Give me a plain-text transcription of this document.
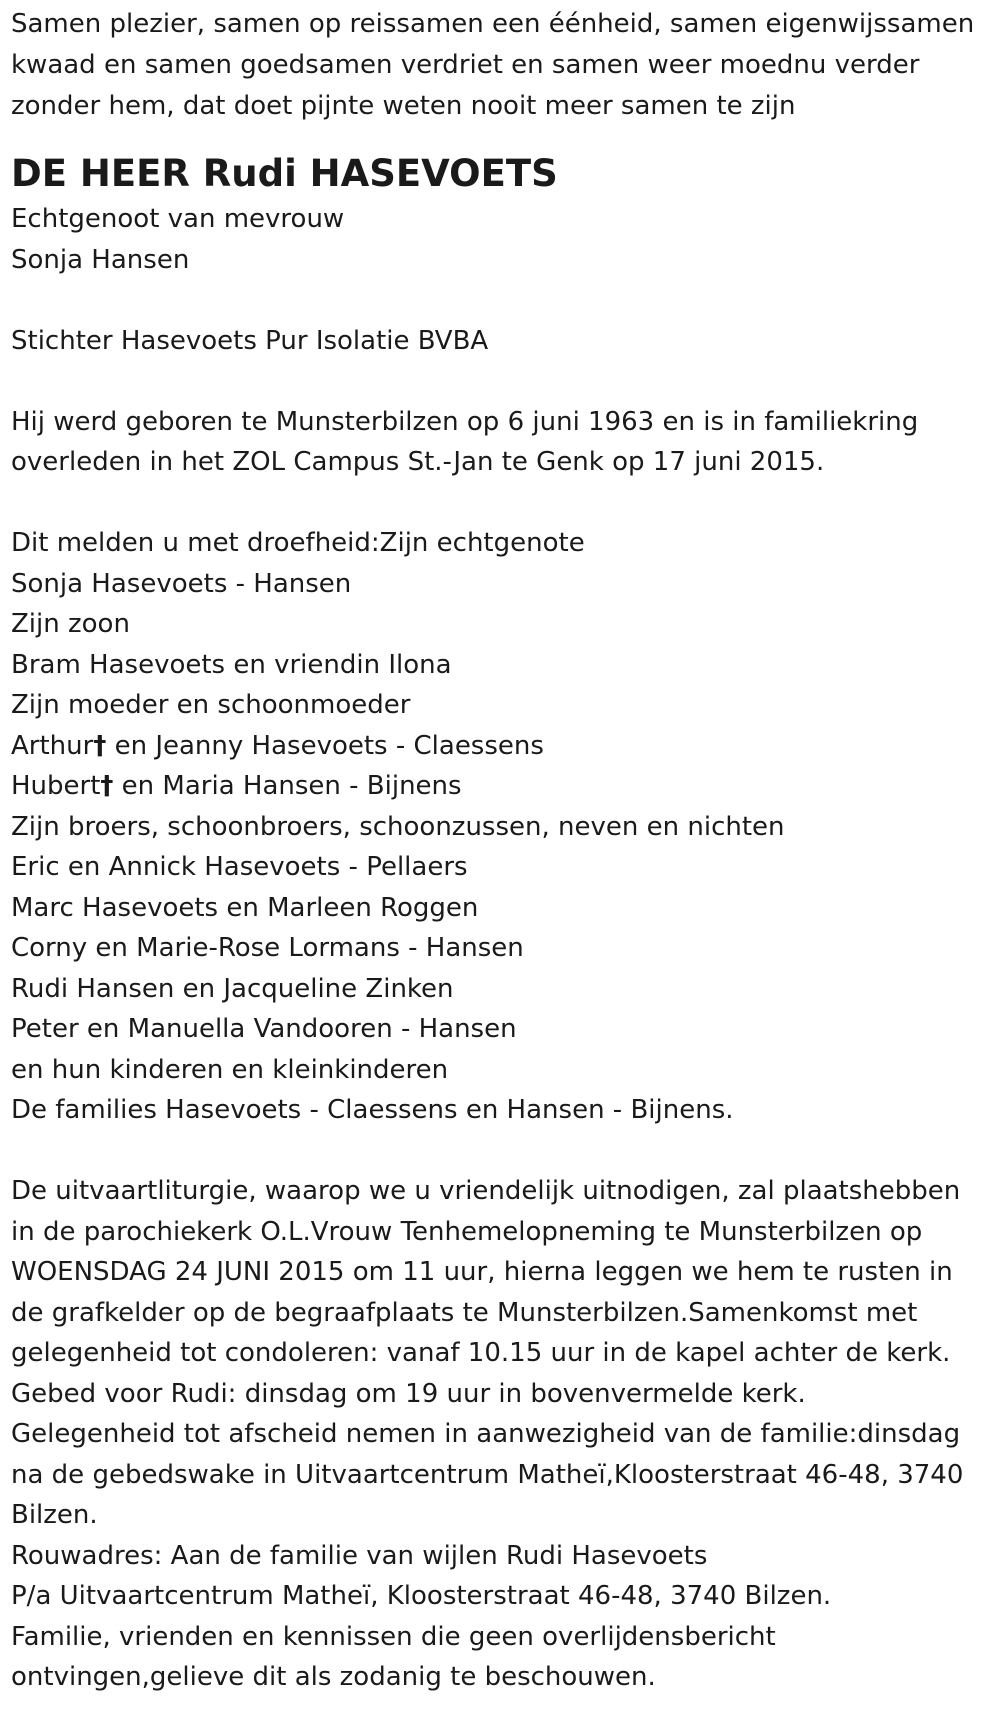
Samen plezier, samen op reissamen een éénheid, samen eigenwijssamen
kwaad en samen goedsamen verdriet en samen weer moednu verder
zonder hem, dat doet pijnte weten nooit meer samen te zijn
DE HEER Rudi HASEVOETS
Echtgenoot van mevrouw
Sonja Hansen
Stichter Hasevoets Pur Isolatie BVBA
Hij werd geboren te Munsterbilzen op 6 juni 1963 en is in familiekring
overleden in het ZOL Campus St.-Jan te Genk op 17 juni 2015.
Dit melden u met droefheid:Zijn echtgenote
Sonja Hasevoets - Hansen
Zijn zoon
Bram Hasevoets en vriendin Ilona
Zijn moeder en schoonmoeder
Arthur† en Jeanny Hasevoets - Claessens
Hubert† en Maria Hansen - Bijnens
Zijn broers, schoonbroers, schoonzussen, neven en nichten
Eric en Annick Hasevoets - Pellaers
Marc Hasevoets en Marleen Roggen
Corny en Marie-Rose Lormans - Hansen
Rudi Hansen en Jacqueline Zinken
Peter en Manuella Vandooren - Hansen
en hun kinderen en kleinkinderen
De families Hasevoets - Claessens en Hansen - Bijnens.
De uitvaartliturgie, waarop we u vriendelijk uitnodigen, zal plaatshebben
in de parochiekerk O.L.Vrouw Tenhemelopneming te Munsterbilzen op
WOENSDAG 24 JUNI 2015 om 11 uur, hierna leggen we hem te rusten in
de grafkelder op de begraafplaats te Munsterbilzen.Samenkomst met
gelegenheid tot condoleren: vanaf 10.15 uur in de kapel achter de kerk.
Gebed voor Rudi: dinsdag om 19 uur in bovenvermelde kerk.
Gelegenheid tot afscheid nemen in aanwezigheid van de familie:dinsdag
na de gebedswake in Uitvaartcentrum Matheï,Kloosterstraat 46-48, 3740
Bilzen.
Rouwadres: Aan de familie van wijlen Rudi Hasevoets
P/a Uitvaartcentrum Matheï, Kloosterstraat 46-48, 3740 Bilzen.
Familie, vrienden en kennissen die geen overlijdensbericht
ontvingen,gelieve dit als zodanig te beschouwen.
